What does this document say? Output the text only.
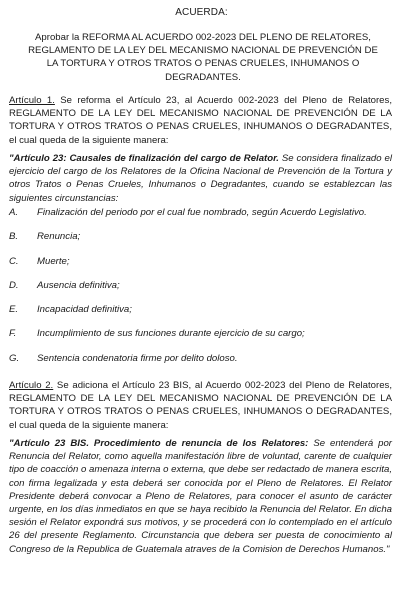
ACUERDA:
Aprobar la REFORMA AL ACUERDO 002-2023 DEL PLENO DE RELATORES, REGLAMENTO DE LA LEY DEL MECANISMO NACIONAL DE PREVENCIÓN DE LA TORTURA Y OTROS TRATOS O PENAS CRUELES, INHUMANOS O DEGRADANTES.
Artículo 1. Se reforma el Artículo 23, al Acuerdo 002-2023 del Pleno de Relatores, REGLAMENTO DE LA LEY DEL MECANISMO NACIONAL DE PREVENCIÓN DE LA TORTURA Y OTROS TRATOS O PENAS CRUELES, INHUMANOS O DEGRADANTES, el cual queda de la siguiente manera:
"Artículo 23: Causales de finalización del cargo de Relator. Se considera finalizado el ejercicio del cargo de los Relatores de la Oficina Nacional de Prevención de la Tortura y otros Tratos o Penas Crueles, Inhumanos o Degradantes, cuando se establezcan las siguientes circunstancias:
A. Finalización del periodo por el cual fue nombrado, según Acuerdo Legislativo.
B. Renuncia;
C. Muerte;
D. Ausencia definitiva;
E. Incapacidad definitiva;
F. Incumplimiento de sus funciones durante ejercicio de su cargo;
G. Sentencia condenatoria firme por delito doloso.
Artículo 2. Se adiciona el Artículo 23 BIS, al Acuerdo 002-2023 del Pleno de Relatores, REGLAMENTO DE LA LEY DEL MECANISMO NACIONAL DE PREVENCIÓN DE LA TORTURA Y OTROS TRATOS O PENAS CRUELES, INHUMANOS O DEGRADANTES, el cual queda de la siguiente manera:
"Artículo 23 BIS. Procedimiento de renuncia de los Relatores: Se entenderá por Renuncia del Relator, como aquella manifestación libre de voluntad, carente de cualquier tipo de coacción o amenaza interna o externa, que debe ser redactado de manera escrita, con firma legalizada y esta deberá ser conocida por el Pleno de Relatores. El Relator Presidente deberá convocar a Pleno de Relatores, para conocer el asunto de carácter urgente, en los días inmediatos en que se haya recibido la Renuncia del Relator. En dicha sesión el Relator expondrá sus motivos, y se procederá con lo contemplado en el artículo 26 del presente Reglamento. Circunstancia que debera ser puesta de conocimiento al Congreso de la Republica de Guatemala atraves de la Comision de Derechos Humanos."
